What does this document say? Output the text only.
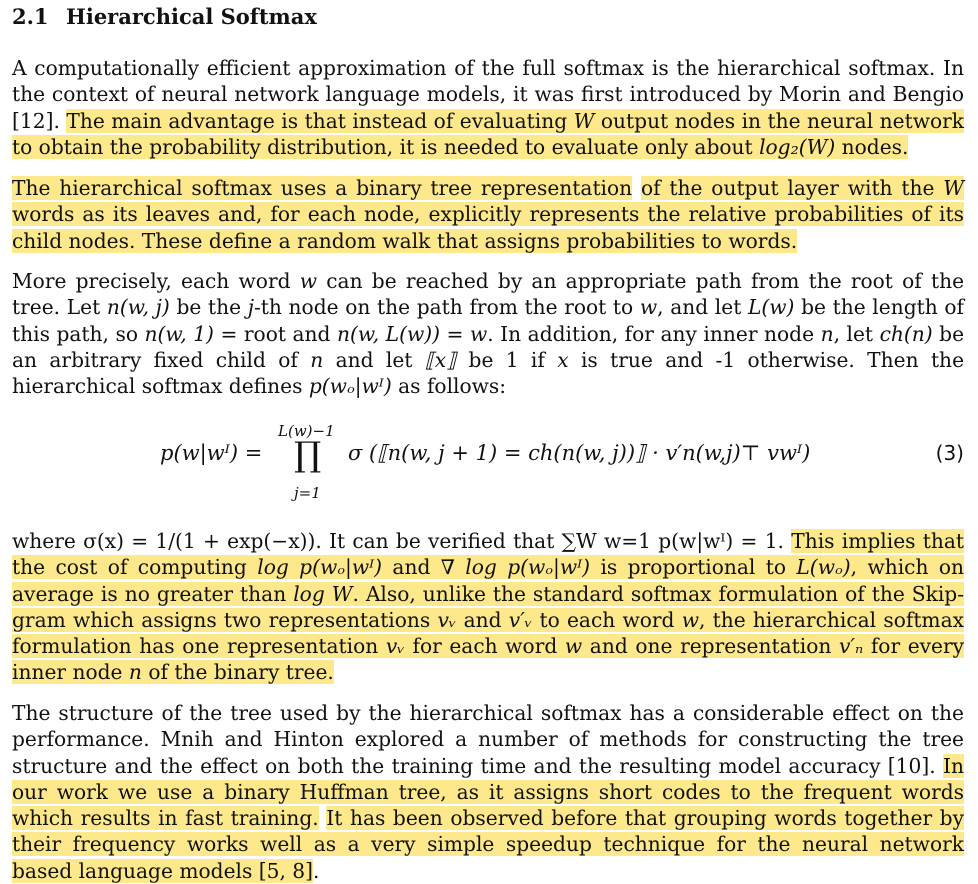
2.1 Hierarchical Softmax
A computationally efficient approximation of the full softmax is the hierarchical softmax. In the context of neural network language models, it was first introduced by Morin and Bengio [12]. The main advantage is that instead of evaluating W output nodes in the neural network to obtain the probability distribution, it is needed to evaluate only about log₂(W) nodes.
The hierarchical softmax uses a binary tree representation of the output layer with the W words as its leaves and, for each node, explicitly represents the relative probabilities of its child nodes. These define a random walk that assigns probabilities to words.
More precisely, each word w can be reached by an appropriate path from the root of the tree. Let n(w, j) be the j-th node on the path from the root to w, and let L(w) be the length of this path, so n(w, 1) = root and n(w, L(w)) = w. In addition, for any inner node n, let ch(n) be an arbitrary fixed child of n and let ⟦x⟧ be 1 if x is true and -1 otherwise. Then the hierarchical softmax defines p(wₒ|wᴵ) as follows:
p(w|wᴵ) =
L(w)−1
∏
j=1
σ (⟦n(w, j + 1) = ch(n(w, j))⟧ · v′n(w,j)⊤ vwᴵ)	(3)
where σ(x) = 1/(1 + exp(−x)). It can be verified that ∑W w=1 p(w|wᴵ) = 1. This implies that the cost of computing log p(wₒ|wᴵ) and ∇ log p(wₒ|wᴵ) is proportional to L(wₒ), which on average is no greater than log W. Also, unlike the standard softmax formulation of the Skip-gram which assigns two representations vᵥ and v′ᵥ to each word w, the hierarchical softmax formulation has one representation vᵥ for each word w and one representation v′ₙ for every inner node n of the binary tree.
The structure of the tree used by the hierarchical softmax has a considerable effect on the performance. Mnih and Hinton explored a number of methods for constructing the tree structure and the effect on both the training time and the resulting model accuracy [10]. In our work we use a binary Huffman tree, as it assigns short codes to the frequent words which results in fast training. It has been observed before that grouping words together by their frequency works well as a very simple speedup technique for the neural network based language models [5, 8].
